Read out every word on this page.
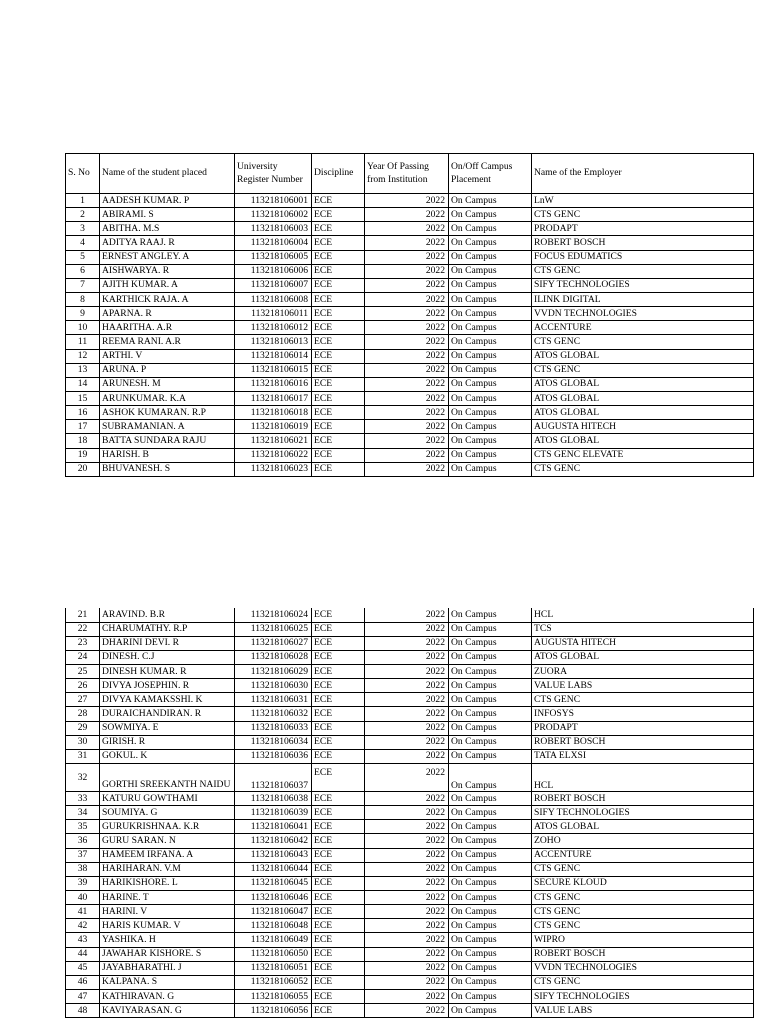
S. No	Name of the student placed	University Register Number	Discipline	Year Of Passing from Institution	On/Off Campus Placement	Name of the Employer
1	AADESH KUMAR. P	113218106001	ECE	2022	On Campus	LnW
2	ABIRAMI. S	113218106002	ECE	2022	On Campus	CTS GENC
3	ABITHA. M.S	113218106003	ECE	2022	On Campus	PRODAPT
4	ADITYA RAAJ. R	113218106004	ECE	2022	On Campus	ROBERT BOSCH
5	ERNEST ANGLEY. A	113218106005	ECE	2022	On Campus	FOCUS EDUMATICS
6	AISHWARYA. R	113218106006	ECE	2022	On Campus	CTS GENC
7	AJITH KUMAR. A	113218106007	ECE	2022	On Campus	SIFY TECHNOLOGIES
8	KARTHICK RAJA. A	113218106008	ECE	2022	On Campus	ILINK DIGITAL
9	APARNA. R	113218106011	ECE	2022	On Campus	VVDN TECHNOLOGIES
10	HAARITHA. A.R	113218106012	ECE	2022	On Campus	ACCENTURE
11	REEMA RANI. A.R	113218106013	ECE	2022	On Campus	CTS GENC
12	ARTHI. V	113218106014	ECE	2022	On Campus	ATOS GLOBAL
13	ARUNA. P	113218106015	ECE	2022	On Campus	CTS GENC
14	ARUNESH. M	113218106016	ECE	2022	On Campus	ATOS GLOBAL
15	ARUNKUMAR. K.A	113218106017	ECE	2022	On Campus	ATOS GLOBAL
16	ASHOK KUMARAN. R.P	113218106018	ECE	2022	On Campus	ATOS GLOBAL
17	SUBRAMANIAN. A	113218106019	ECE	2022	On Campus	AUGUSTA HITECH
18	BATTA SUNDARA RAJU	113218106021	ECE	2022	On Campus	ATOS GLOBAL
19	HARISH. B	113218106022	ECE	2022	On Campus	CTS GENC ELEVATE
20	BHUVANESH. S	113218106023	ECE	2022	On Campus	CTS GENC
21	ARAVIND. B.R	113218106024	ECE	2022	On Campus	HCL
22	CHARUMATHY. R.P	113218106025	ECE	2022	On Campus	TCS
23	DHARINI DEVI. R	113218106027	ECE	2022	On Campus	AUGUSTA HITECH
24	DINESH. C.J	113218106028	ECE	2022	On Campus	ATOS GLOBAL
25	DINESH KUMAR. R	113218106029	ECE	2022	On Campus	ZUORA
26	DIVYA JOSEPHIN. R	113218106030	ECE	2022	On Campus	VALUE LABS
27	DIVYA KAMAKSSHI. K	113218106031	ECE	2022	On Campus	CTS GENC
28	DURAICHANDIRAN. R	113218106032	ECE	2022	On Campus	INFOSYS
29	SOWMIYA. E	113218106033	ECE	2022	On Campus	PRODAPT
30	GIRISH. R	113218106034	ECE	2022	On Campus	ROBERT BOSCH
31	GOKUL. K	113218106036	ECE	2022	On Campus	TATA ELXSI
32	GORTHI SREEKANTH NAIDU	113218106037	ECE	2022	On Campus	HCL
33	KATURU GOWTHAMI	113218106038	ECE	2022	On Campus	ROBERT BOSCH
34	SOUMIYA. G	113218106039	ECE	2022	On Campus	SIFY TECHNOLOGIES
35	GURUKRISHNAA. K.R	113218106041	ECE	2022	On Campus	ATOS GLOBAL
36	GURU SARAN. N	113218106042	ECE	2022	On Campus	ZOHO
37	HAMEEM IRFANA. A	113218106043	ECE	2022	On Campus	ACCENTURE
38	HARIHARAN. V.M	113218106044	ECE	2022	On Campus	CTS GENC
39	HARIKISHORE. L	113218106045	ECE	2022	On Campus	SECURE KLOUD
40	HARINE. T	113218106046	ECE	2022	On Campus	CTS GENC
41	HARINI. V	113218106047	ECE	2022	On Campus	CTS GENC
42	HARIS KUMAR. V	113218106048	ECE	2022	On Campus	CTS GENC
43	YASHIKA. H	113218106049	ECE	2022	On Campus	WIPRO
44	JAWAHAR KISHORE. S	113218106050	ECE	2022	On Campus	ROBERT BOSCH
45	JAYABHARATHI. J	113218106051	ECE	2022	On Campus	VVDN TECHNOLOGIES
46	KALPANA. S	113218106052	ECE	2022	On Campus	CTS GENC
47	KATHIRAVAN. G	113218106055	ECE	2022	On Campus	SIFY TECHNOLOGIES
48	KAVIYARASAN. G	113218106056	ECE	2022	On Campus	VALUE LABS
